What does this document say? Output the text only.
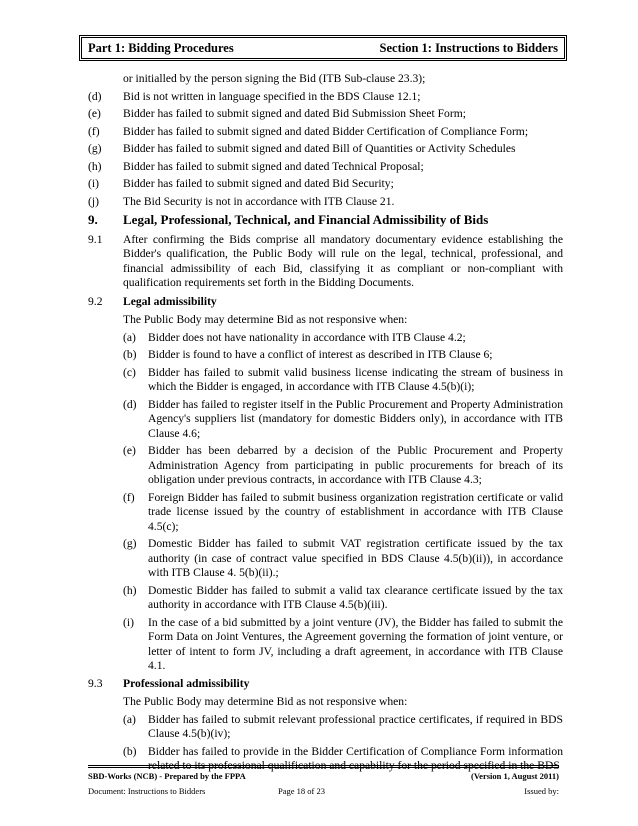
Part 1: Bidding Procedures	Section 1: Instructions to Bidders
or initialled by the person signing the Bid (ITB Sub-clause 23.3);
(d)	Bid is not written in language specified in the BDS Clause 12.1;
(e)	Bidder has failed to submit signed and dated Bid Submission Sheet Form;
(f)	Bidder has failed to submit signed and dated Bidder Certification of Compliance Form;
(g)	Bidder has failed to submit signed and dated Bill of Quantities or Activity Schedules
(h)	Bidder has failed to submit signed and dated Technical Proposal;
(i)	Bidder has failed to submit signed and dated Bid Security;
(j)	The Bid Security is not in accordance with ITB Clause 21.
9.	Legal, Professional, Technical, and Financial Admissibility of Bids
9.1	After confirming the Bids comprise all mandatory documentary evidence establishing the Bidder's qualification, the Public Body will rule on the legal, technical, professional, and financial admissibility of each Bid, classifying it as compliant or non-compliant with qualification requirements set forth in the Bidding Documents.
9.2	Legal admissibility
The Public Body may determine Bid as not responsive when:
(a)	Bidder does not have nationality in accordance with ITB Clause 4.2;
(b) Bidder is found to have a conflict of interest as described in ITB Clause 6;
(c)	Bidder has failed to submit valid business license indicating the stream of business in which the Bidder is engaged, in accordance with ITB Clause 4.5(b)(i);
(d) Bidder has failed to register itself in the Public Procurement and Property Administration Agency's suppliers list (mandatory for domestic Bidders only), in accordance with ITB Clause 4.6;
(e)	Bidder has been debarred by a decision of the Public Procurement and Property Administration Agency from participating in public procurements for breach of its obligation under previous contracts, in accordance with ITB Clause 4.3;
(f)	Foreign Bidder has failed to submit business organization registration certificate or valid trade license issued by the country of establishment in accordance with ITB Clause 4.5(c);
(g) Domestic Bidder has failed to submit VAT registration certificate issued by the tax authority (in case of contract value specified in BDS Clause 4.5(b)(ii)), in accordance with ITB Clause 4. 5(b)(ii).;
(h) Domestic Bidder has failed to submit a valid tax clearance certificate issued by the tax authority in accordance with ITB Clause 4.5(b)(iii).
(i)	In the case of a bid submitted by a joint venture (JV), the Bidder has failed to submit the Form Data on Joint Ventures, the Agreement governing the formation of joint venture, or letter of intent to form JV, including a draft agreement, in accordance with ITB Clause 4.1.
9.3	Professional admissibility
The Public Body may determine Bid as not responsive when:
(a)	Bidder has failed to submit relevant professional practice certificates, if required in BDS Clause 4.5(b)(iv);
(b) Bidder has failed to provide in the Bidder Certification of Compliance Form information related to its professional qualification and capability for the period specified in the BDS
SBD-Works (NCB) - Prepared by the FPPA	(Version 1, August 2011)
Document: Instructions to Bidders	Page 18 of 23	Issued by:
